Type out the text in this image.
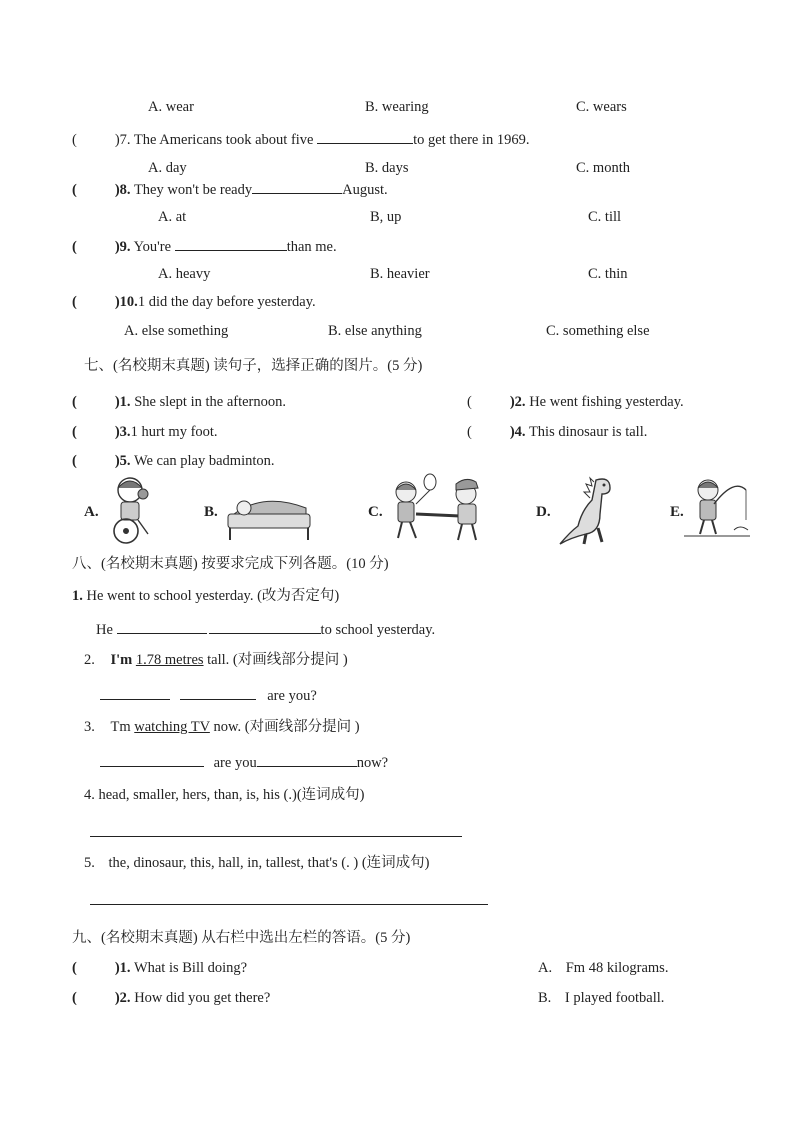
A. wear	B. wearing	C. wears
(	)7. The Americans took about five	to get there in 1969.
A. day	B. days	C. month
(	)8. They won't be ready	August.
A. at	B, up	C. till
(	)9. You're	than me.
A. heavy	B. heavier	C. thin
(	)10.1 did the day before yesterday.
A. else something	B. else anything	C. something else
七、(名校期末真题) 读句子，选择正确的图片。(5 分)
(	)1. She slept in the afternoon.	(	)2. He went fishing yesterday.
(	)3.1 hurt my foot.	(	)4. This dinosaur is tall.
(	)5. We can play badminton.
A.	B.	C.	D.	E.
八、(名校期末真题) 按要求完成下列各题。(10 分)
1. He went to school yesterday. (改为否定句)
He	to school yesterday.
2. I'm 1.78 metres tall. (对画线部分提问 )
are you?
3. Tm watching TV now. (对画线部分提问 )
are you	now?
4. head, smaller, hers, than, is, his (.)(连词成句)
5. the, dinosaur, this, hall, in, tallest, that's (. ) (连词成句)
九、(名校期末真题) 从右栏中选出左栏的答语。(5 分)
(	)1. What is Bill doing?	A. Fm 48 kilograms.
(	)2. How did you get there?	B. I played football.
